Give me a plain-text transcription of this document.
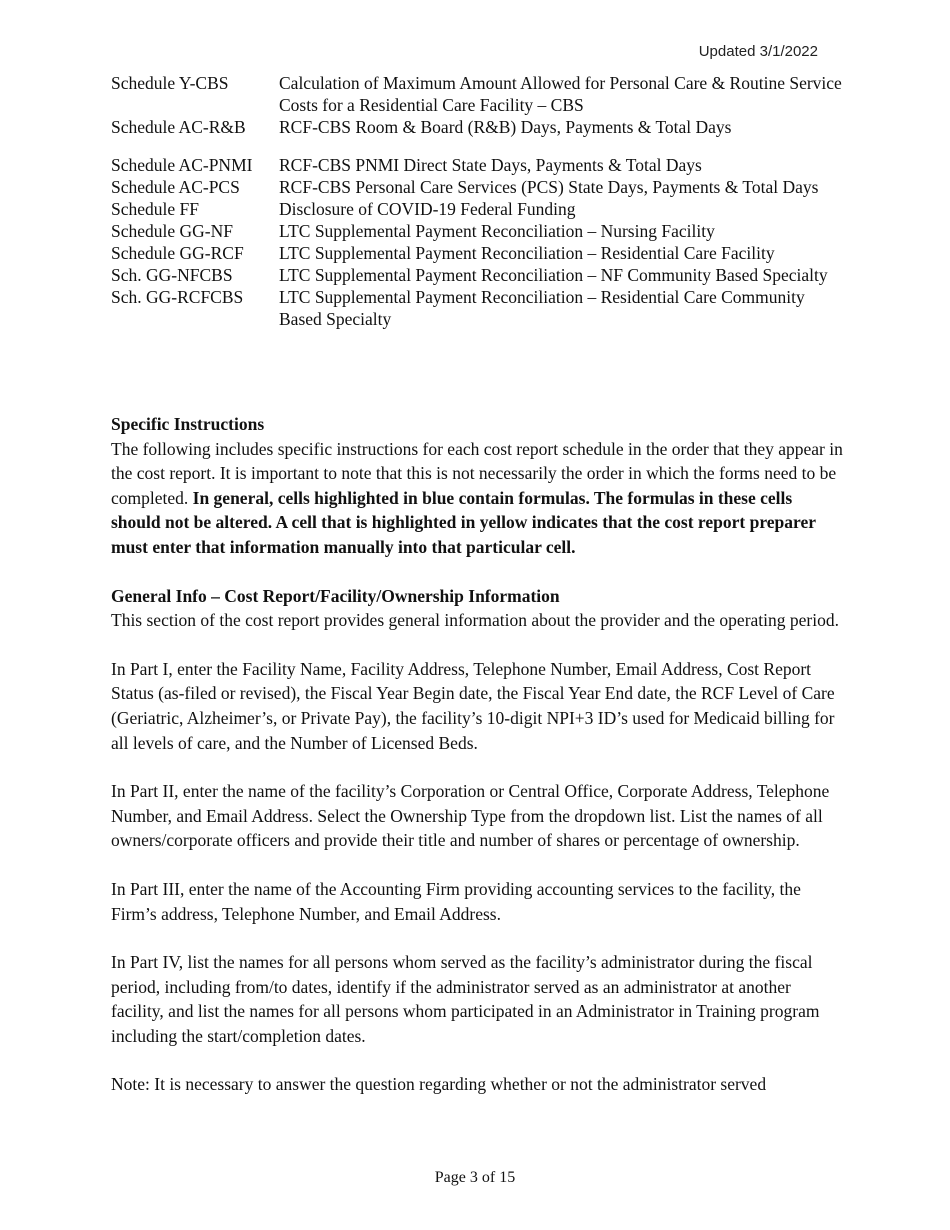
Updated 3/1/2022
Schedule Y-CBS	Calculation of Maximum Amount Allowed for Personal Care & Routine Service Costs for a Residential Care Facility – CBS
Schedule AC-R&B	RCF-CBS Room & Board (R&B) Days, Payments & Total Days
Schedule AC-PNMI	RCF-CBS PNMI Direct State Days, Payments & Total Days
Schedule AC-PCS	RCF-CBS Personal Care Services (PCS) State Days, Payments & Total Days
Schedule FF	Disclosure of COVID-19 Federal Funding
Schedule GG-NF	LTC Supplemental Payment Reconciliation – Nursing Facility
Schedule GG-RCF	LTC Supplemental Payment Reconciliation – Residential Care Facility
Sch. GG-NFCBS	LTC Supplemental Payment Reconciliation – NF Community Based Specialty
Sch. GG-RCFCBS	LTC Supplemental Payment Reconciliation – Residential Care Community Based Specialty

Specific Instructions
The following includes specific instructions for each cost report schedule in the order that they appear in the cost report. It is important to note that this is not necessarily the order in which the forms need to be completed. In general, cells highlighted in blue contain formulas. The formulas in these cells should not be altered. A cell that is highlighted in yellow indicates that the cost report preparer must enter that information manually into that particular cell.

General Info – Cost Report/Facility/Ownership Information
This section of the cost report provides general information about the provider and the operating period.

In Part I, enter the Facility Name, Facility Address, Telephone Number, Email Address, Cost Report Status (as-filed or revised), the Fiscal Year Begin date, the Fiscal Year End date, the RCF Level of Care (Geriatric, Alzheimer’s, or Private Pay), the facility’s 10-digit NPI+3 ID’s used for Medicaid billing for all levels of care, and the Number of Licensed Beds.

In Part II, enter the name of the facility’s Corporation or Central Office, Corporate Address, Telephone Number, and Email Address. Select the Ownership Type from the dropdown list. List the names of all owners/corporate officers and provide their title and number of shares or percentage of ownership.

In Part III, enter the name of the Accounting Firm providing accounting services to the facility, the Firm’s address, Telephone Number, and Email Address.

In Part IV, list the names for all persons whom served as the facility’s administrator during the fiscal period, including from/to dates, identify if the administrator served as an administrator at another facility, and list the names for all persons whom participated in an Administrator in Training program including the start/completion dates.

Note: It is necessary to answer the question regarding whether or not the administrator served

Page 3 of 15
